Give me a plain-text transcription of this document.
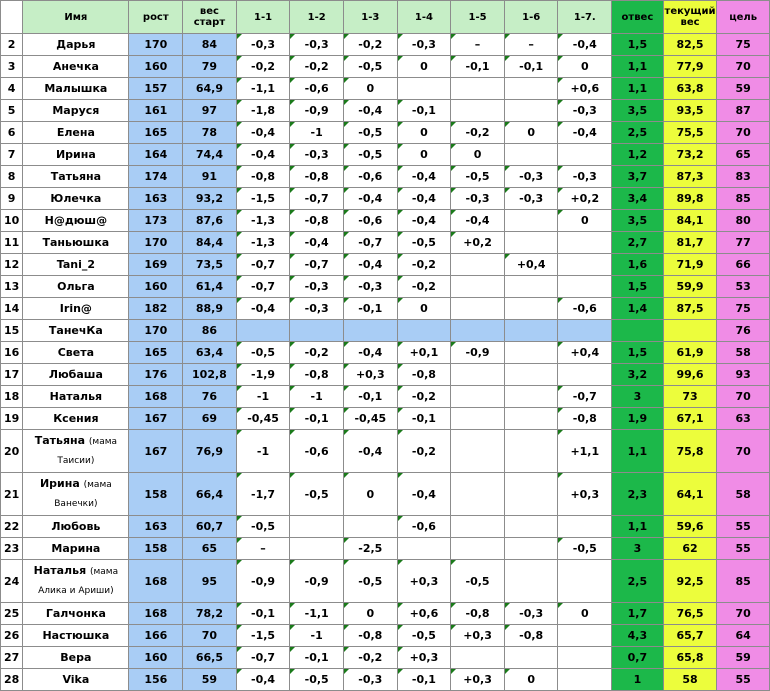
	Имя	рост	вес старт	1-1	1-2	1-3	1-4	1-5	1-6	1-7.	отвес	текущий вес	цель
2	Дарья	170	84	-0,3	-0,3	-0,2	-0,3	–	–	-0,4	1,5	82,5	75
3	Анечка	160	79	-0,2	-0,2	-0,5	0	-0,1	-0,1	0	1,1	77,9	70
4	Малышка	157	64,9	-1,1	-0,6	0				+0,6	1,1	63,8	59
5	Маруся	161	97	-1,8	-0,9	-0,4	-0,1			-0,3	3,5	93,5	87
6	Елена	165	78	-0,4	-1	-0,5	0	-0,2	0	-0,4	2,5	75,5	70
7	Ирина	164	74,4	-0,4	-0,3	-0,5	0	0			1,2	73,2	65
8	Татьяна	174	91	-0,8	-0,8	-0,6	-0,4	-0,5	-0,3	-0,3	3,7	87,3	83
9	Юлечка	163	93,2	-1,5	-0,7	-0,4	-0,4	-0,3	-0,3	+0,2	3,4	89,8	85
10	Н@дюш@	173	87,6	-1,3	-0,8	-0,6	-0,4	-0,4		0	3,5	84,1	80
11	Таньюшка	170	84,4	-1,3	-0,4	-0,7	-0,5	+0,2			2,7	81,7	77
12	Tani_2	169	73,5	-0,7	-0,7	-0,4	-0,2		+0,4		1,6	71,9	66
13	Ольга	160	61,4	-0,7	-0,3	-0,3	-0,2				1,5	59,9	53
14	Irin@	182	88,9	-0,4	-0,3	-0,1	0			-0,6	1,4	87,5	75
15	ТанечКа	170	86										76
16	Света	165	63,4	-0,5	-0,2	-0,4	+0,1	-0,9		+0,4	1,5	61,9	58
17	Любаша	176	102,8	-1,9	-0,8	+0,3	-0,8				3,2	99,6	93
18	Наталья	168	76	-1	-1	-0,1	-0,2			-0,7	3	73	70
19	Ксения	167	69	-0,45	-0,1	-0,45	-0,1			-0,8	1,9	67,1	63
20	Татьяна (мама Таисии)	167	76,9	-1	-0,6	-0,4	-0,2			+1,1	1,1	75,8	70
21	Ирина (мама Ванечки)	158	66,4	-1,7	-0,5	0	-0,4			+0,3	2,3	64,1	58
22	Любовь	163	60,7	-0,5			-0,6				1,1	59,6	55
23	Марина	158	65	–		-2,5				-0,5	3	62	55
24	Наталья (мама Алика и Ариши)	168	95	-0,9	-0,9	-0,5	+0,3	-0,5			2,5	92,5	85
25	Галчонка	168	78,2	-0,1	-1,1	0	+0,6	-0,8	-0,3	0	1,7	76,5	70
26	Настюшка	166	70	-1,5	-1	-0,8	-0,5	+0,3	-0,8		4,3	65,7	64
27	Вера	160	66,5	-0,7	-0,1	-0,2	+0,3				0,7	65,8	59
28	Vika	156	59	-0,4	-0,5	-0,3	-0,1	+0,3	0		1	58	55
